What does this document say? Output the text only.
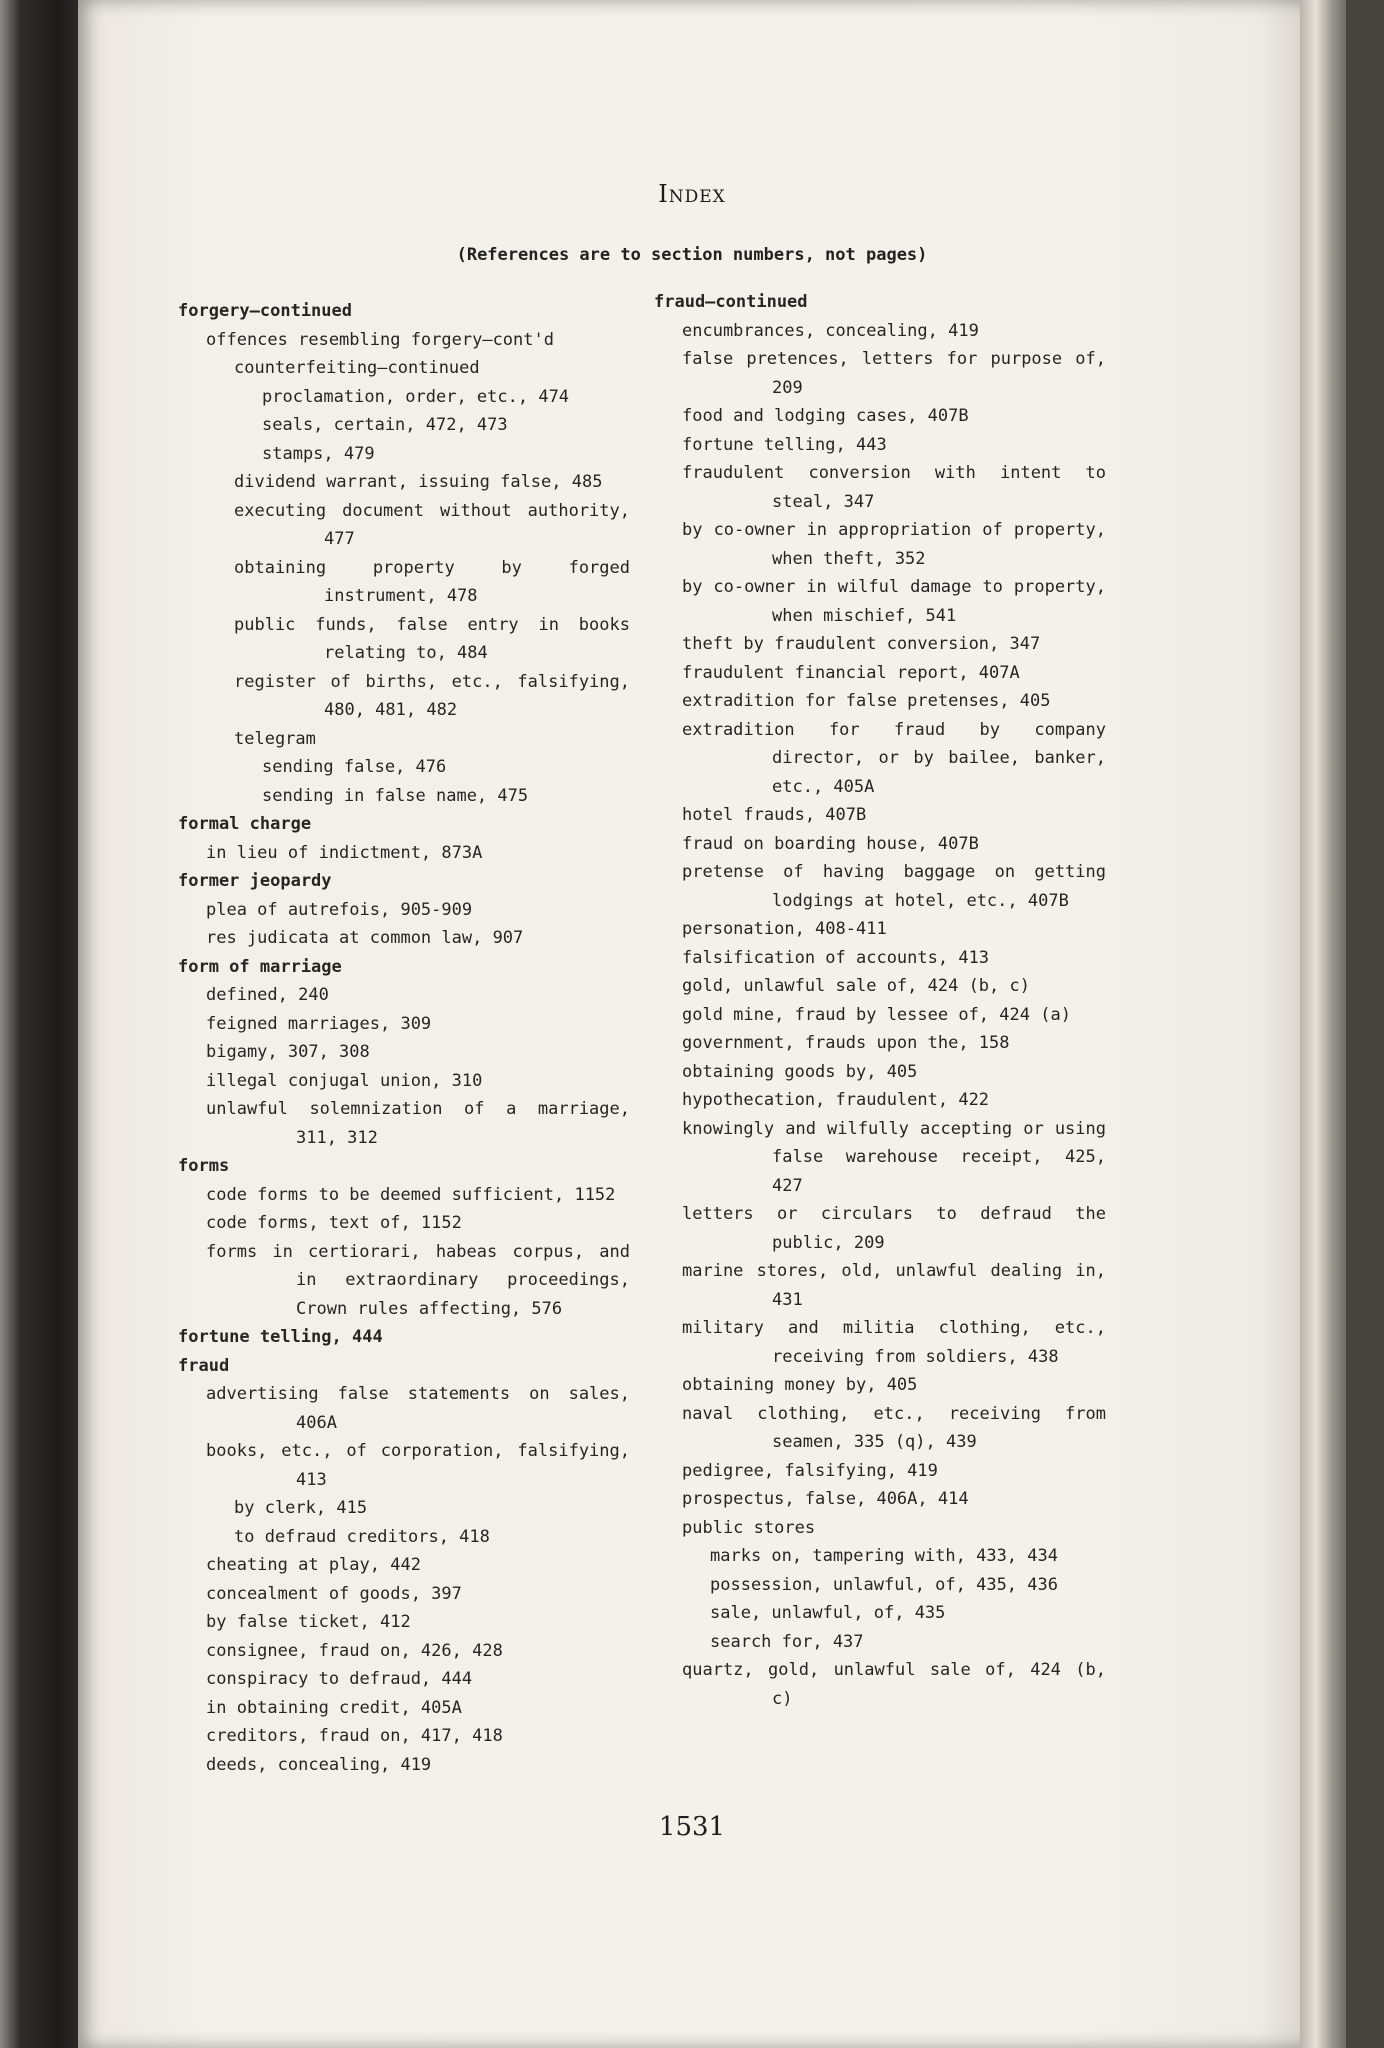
Index
(References are to section numbers, not pages)

forgery—continued

offences resembling forgery—cont'd

counterfeiting—continued

proclamation, order, etc., 474

seals, certain, 472, 473

stamps, 479

dividend warrant, issuing false, 485

executing document without authority, 477

obtaining property by forged instrument, 478

public funds, false entry in books relating to, 484

register of births, etc., falsifying, 480, 481, 482

telegram

sending false, 476

sending in false name, 475

formal charge

in lieu of indictment, 873A

former jeopardy

plea of autrefois, 905-909

res judicata at common law, 907

form of marriage

defined, 240

feigned marriages, 309

bigamy, 307, 308

illegal conjugal union, 310

unlawful solemnization of a marriage, 311, 312

forms

code forms to be deemed sufficient, 1152

code forms, text of, 1152

forms in certiorari, habeas corpus, and in extraordinary proceedings, Crown rules affecting, 576

fortune telling, 444

fraud

advertising false statements on sales, 406A

books, etc., of corporation, falsifying, 413

by clerk, 415

to defraud creditors, 418

cheating at play, 442

concealment of goods, 397

by false ticket, 412

consignee, fraud on, 426, 428

conspiracy to defraud, 444

in obtaining credit, 405A

creditors, fraud on, 417, 418

deeds, concealing, 419

fraud—continued

encumbrances, concealing, 419

false pretences, letters for purpose of, 209

food and lodging cases, 407B

fortune telling, 443

fraudulent conversion with intent to steal, 347

by co-owner in appropriation of property, when theft, 352

by co-owner in wilful damage to property, when mischief, 541

theft by fraudulent conversion, 347

fraudulent financial report, 407A

extradition for false pretenses, 405

extradition for fraud by company director, or by bailee, banker, etc., 405A

hotel frauds, 407B

fraud on boarding house, 407B

pretense of having baggage on getting lodgings at hotel, etc., 407B

personation, 408-411

falsification of accounts, 413

gold, unlawful sale of, 424 (b, c)

gold mine, fraud by lessee of, 424 (a)

government, frauds upon the, 158

obtaining goods by, 405

hypothecation, fraudulent, 422

knowingly and wilfully accepting or using false warehouse receipt, 425, 427

letters or circulars to defraud the public, 209

marine stores, old, unlawful dealing in, 431

military and militia clothing, etc., receiving from soldiers, 438

obtaining money by, 405

naval clothing, etc., receiving from seamen, 335 (q), 439

pedigree, falsifying, 419

prospectus, false, 406A, 414

public stores

marks on, tampering with, 433, 434

possession, unlawful, of, 435, 436

sale, unlawful, of, 435

search for, 437

quartz, gold, unlawful sale of, 424 (b, c)

1531
